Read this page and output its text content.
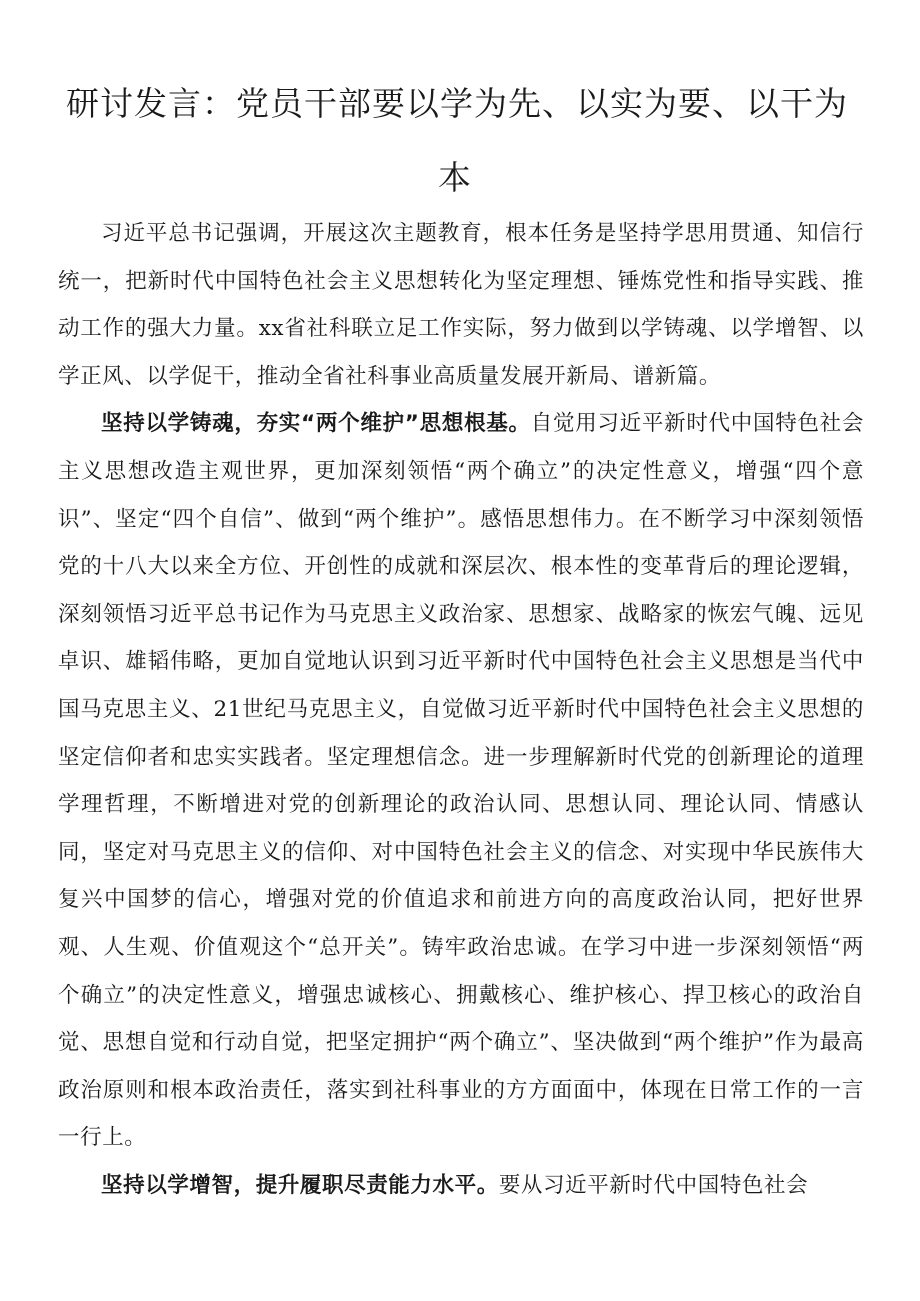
研讨发言：党员干部要以学为先、以实为要、以干为
本

习近平总书记强调，开展这次主题教育，根本任务是坚持学思用贯通、知信行统一，把新时代中国特色社会主义思想转化为坚定理想、锤炼党性和指导实践、推动工作的强大力量。xx省社科联立足工作实际，努力做到以学铸魂、以学增智、以学正风、以学促干，推动全省社科事业高质量发展开新局、谱新篇。

坚持以学铸魂，夯实“两个维护”思想根基。自觉用习近平新时代中国特色社会主义思想改造主观世界，更加深刻领悟“两个确立”的决定性意义，增强“四个意识”、坚定“四个自信”、做到“两个维护”。感悟思想伟力。在不断学习中深刻领悟党的十八大以来全方位、开创性的成就和深层次、根本性的变革背后的理论逻辑，深刻领悟习近平总书记作为马克思主义政治家、思想家、战略家的恢宏气魄、远见卓识、雄韬伟略，更加自觉地认识到习近平新时代中国特色社会主义思想是当代中国马克思主义、21世纪马克思主义，自觉做习近平新时代中国特色社会主义思想的坚定信仰者和忠实实践者。坚定理想信念。进一步理解新时代党的创新理论的道理学理哲理，不断增进对党的创新理论的政治认同、思想认同、理论认同、情感认同，坚定对马克思主义的信仰、对中国特色社会主义的信念、对实现中华民族伟大复兴中国梦的信心，增强对党的价值追求和前进方向的高度政治认同，把好世界观、人生观、价值观这个“总开关”。铸牢政治忠诚。在学习中进一步深刻领悟“两个确立”的决定性意义，增强忠诚核心、拥戴核心、维护核心、捍卫核心的政治自觉、思想自觉和行动自觉，把坚定拥护“两个确立”、坚决做到“两个维护”作为最高政治原则和根本政治责任，落实到社科事业的方方面面中，体现在日常工作的一言一行上。

坚持以学增智，提升履职尽责能力水平。要从习近平新时代中国特色社会
